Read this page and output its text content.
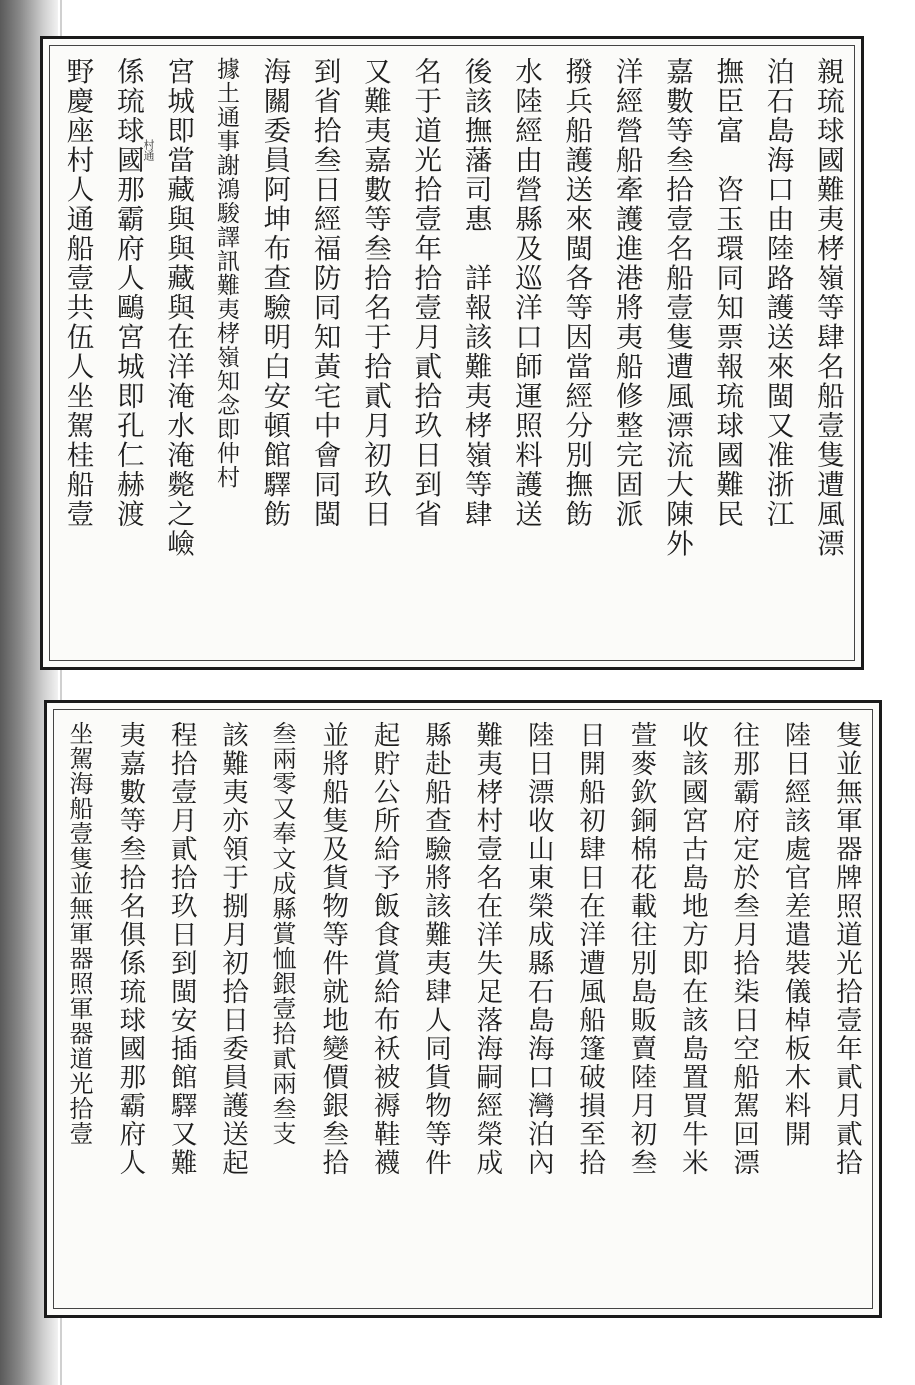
親琉球國難夷𣑥嶺等肆名船壹隻遭風漂
泊石島海口由陸路護送來閩又准浙江
撫臣富　咨玉環同知票報琉球國難民
嘉數等叁拾壹名船壹隻遭風漂流大陳外
洋經營船牽護進港將夷船修整完固派
撥兵船護送來閩各等因當經分別撫飭
水陸經由營縣及巡洋口師運照料護送
後該撫藩司惠　詳報該難夷𣑥嶺等肆
名于道光拾壹年拾壹月貳拾玖日到省
又難夷嘉數等叁拾名于拾貳月初玖日
到省拾叁日經福防同知黃宅中會同閩
海關委員阿坤布查驗明白安頓館驛飭
據土通事謝鴻駿譯訊難夷𣑥嶺知念即仲村
宮城即當藏與與藏與在洋淹水淹斃之嶮
係琉球國那霸府人鷗宮城即孔仁赫渡
野慶座村人通船壹共伍人坐駕桂船壹	村通
隻並無軍器牌照道光拾壹年貳月貳拾
陸日經該處官差遣裝儀棹板木料開
往那霸府定於叁月拾柒日空船駕回漂
收該國宮古島地方即在該島置買牛米
萱麥欽銅棉花載往別島販賣陸月初叁
日開船初肆日在洋遭風船篷破損至拾
陸日漂收山東榮成縣石島海口灣泊內
難夷𣑥村壹名在洋失足落海嗣經榮成
縣赴船查驗將該難夷肆人同貨物等件
起貯公所給予飯食賞給布袄被褥鞋襪
並將船隻及貨物等件就地變價銀叁拾
叁兩零又奉文成縣賞恤銀壹拾貳兩叁支
該難夷亦領于捌月初拾日委員護送起
程拾壹月貳拾玖日到閩安插館驛又難
夷嘉數等叁拾名俱係琉球國那霸府人
坐駕海船壹隻並無軍器照軍器道光拾壹
